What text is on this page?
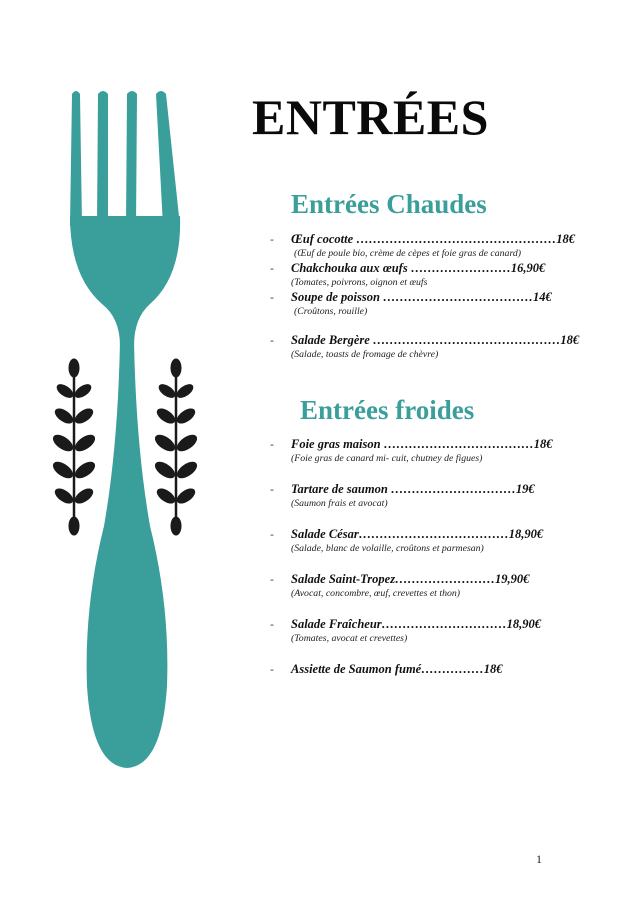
ENTRÉES
Entrées Chaudes
- Œuf cocotte …………………………………………18€
(Œuf de poule bio, crème de cèpes et foie gras de canard)
- Chakchouka aux œufs ……………………16,90€
(Tomates, poivrons, oignon et œufs
- Soupe de poisson ………………………………14€
(Croûtons, rouille)
- Salade Bergère ………………………………………18€
(Salade, toasts de fromage de chèvre)
Entrées froides
- Foie gras maison ………………………………18€
(Foie gras de canard mi- cuit, chutney de figues)
- Tartare de saumon …………………………19€
(Saumon frais et avocat)
- Salade César………………………………18,90€
(Salade, blanc de volaille, croûtons et parmesan)
- Salade Saint-Tropez……………………19,90€
(Avocat, concombre, œuf, crevettes et thon)
- Salade Fraîcheur…………………………18,90€
(Tomates, avocat et crevettes)
- Assiette de Saumon fumé……………18€
1
